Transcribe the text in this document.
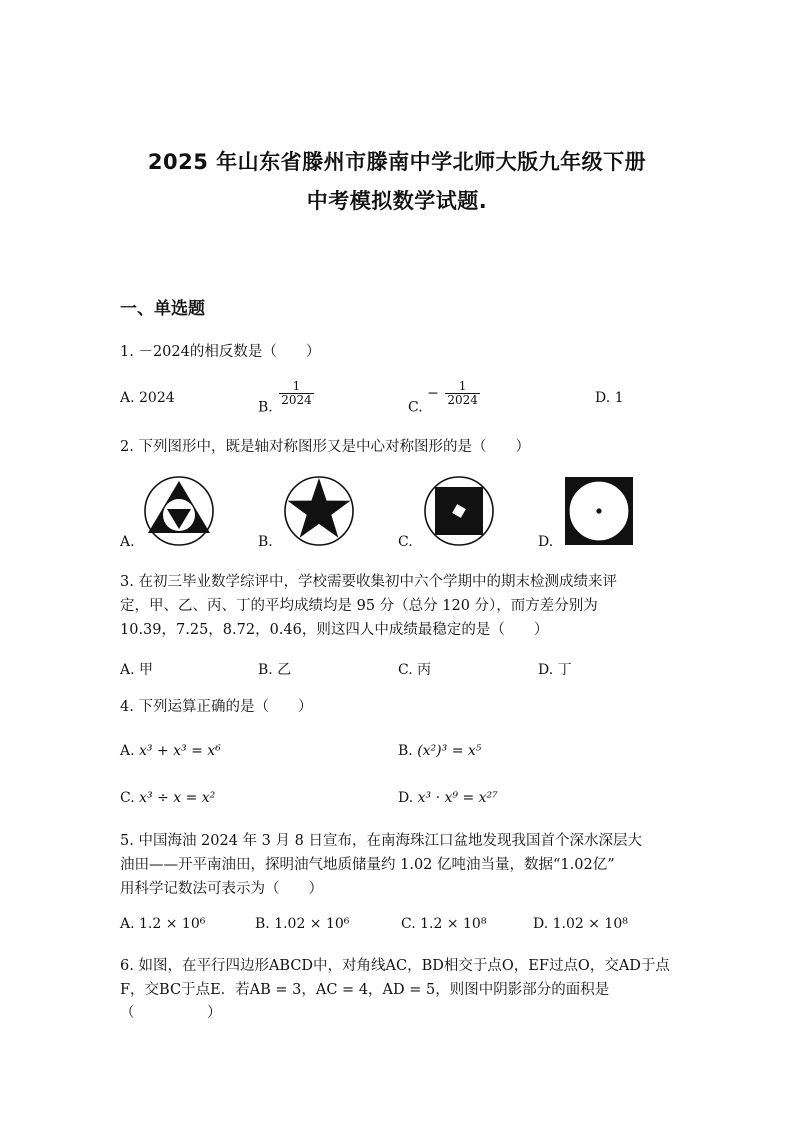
2025 年山东省滕州市滕南中学北师大版九年级下册
中考模拟数学试题.
一、单选题
1. －2024的相反数是（　　）
A. 2024
B.
$\frac{1}{2024}$
C. − $\frac{1}{2024}$	D. 1
2. 下列图形中，既是轴对称图形又是中心对称图形的是（　　）
A.	B.	C.	D.
3. 在初三毕业数学综评中，学校需要收集初中六个学期中的期末检测成绩来评
定，甲、乙、丙、丁的平均成绩均是 95 分（总分 120 分），而方差分别为
10.39，7.25，8.72，0.46，则这四人中成绩最稳定的是（　　）
A. 甲	B. 乙	C. 丙	D. 丁
4. 下列运算正确的是（　　）
A. x³ + x³ = x⁶	B. (x²)³ = x⁵
C. x³ ÷ x = x²	D. x³ · x⁹ = x²⁷
5. 中国海油 2024 年 3 月 8 日宣布，在南海珠江口盆地发现我国首个深水深层大
油田——开平南油田，探明油气地质储量约 1.02 亿吨油当量，数据“1.02亿”
用科学记数法可表示为（　　）
A. 1.2 × 10⁶	B. 1.02 × 10⁶	C. 1.2 × 10⁸	D. 1.02 × 10⁸
6. 如图，在平行四边形ABCD中，对角线AC，BD相交于点O，EF过点O，交AD于点
F，交BC于点E．若AB = 3，AC = 4，AD = 5，则图中阴影部分的面积是
（　　　　　）
